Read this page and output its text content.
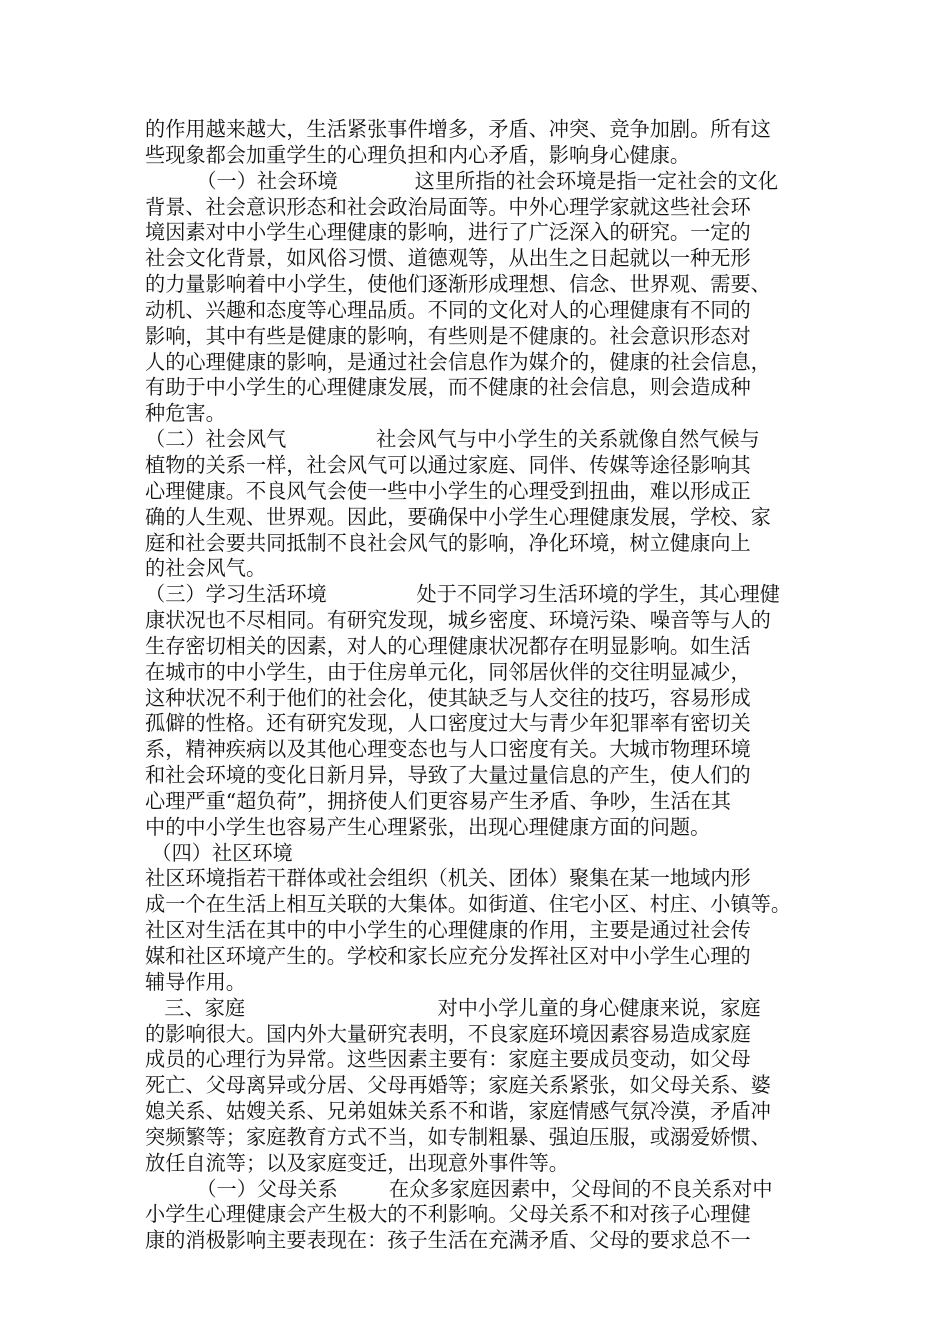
的作用越来越大，生活紧张事件增多，矛盾、冲突、竞争加剧。所有这
些现象都会加重学生的心理负担和内心矛盾，影响身心健康。
（一）社会环境            这里所指的社会环境是指一定社会的文化
背景、社会意识形态和社会政治局面等。中外心理学家就这些社会环
境因素对中小学生心理健康的影响，进行了广泛深入的研究。一定的
社会文化背景，如风俗习惯、道德观等，从出生之日起就以一种无形
的力量影响着中小学生，使他们逐渐形成理想、信念、世界观、需要、
动机、兴趣和态度等心理品质。不同的文化对人的心理健康有不同的
影响，其中有些是健康的影响，有些则是不健康的。社会意识形态对
人的心理健康的影响，是通过社会信息作为媒介的，健康的社会信息，
有助于中小学生的心理健康发展，而不健康的社会信息，则会造成种
种危害。
（二）社会风气              社会风气与中小学生的关系就像自然气候与
植物的关系一样，社会风气可以通过家庭、同伴、传媒等途径影响其
心理健康。不良风气会使一些中小学生的心理受到扭曲，难以形成正
确的人生观、世界观。因此，要确保中小学生心理健康发展，学校、家
庭和社会要共同抵制不良社会风气的影响，净化环境，树立健康向上
的社会风气。
（三）学习生活环境              处于不同学习生活环境的学生，其心理健
康状况也不尽相同。有研究发现，城乡密度、环境污染、噪音等与人的
生存密切相关的因素，对人的心理健康状况都存在明显影响。如生活
在城市的中小学生，由于住房单元化，同邻居伙伴的交往明显减少，
这种状况不利于他们的社会化，使其缺乏与人交往的技巧，容易形成
孤僻的性格。还有研究发现，人口密度过大与青少年犯罪率有密切关
系，精神疾病以及其他心理变态也与人口密度有关。大城市物理环境
和社会环境的变化日新月异，导致了大量过量信息的产生，使人们的
心理严重“超负荷”，拥挤使人们更容易产生矛盾、争吵，生活在其
中的中小学生也容易产生心理紧张，出现心理健康方面的问题。
（四）社区环境
社区环境指若干群体或社会组织（机关、团体）聚集在某一地域内形
成一个在生活上相互关联的大集体。如街道、住宅小区、村庄、小镇等。
社区对生活在其中的中小学生的心理健康的作用，主要是通过社会传
媒和社区环境产生的。学校和家长应充分发挥社区对中小学生心理的
辅导作用。
三、家庭                              对中小学儿童的身心健康来说，家庭
的影响很大。国内外大量研究表明，不良家庭环境因素容易造成家庭
成员的心理行为异常。这些因素主要有：家庭主要成员变动，如父母
死亡、父母离异或分居、父母再婚等；家庭关系紧张，如父母关系、婆
媳关系、姑嫂关系、兄弟姐妹关系不和谐，家庭情感气氛冷漠，矛盾冲
突频繁等；家庭教育方式不当，如专制粗暴、强迫压服，或溺爱娇惯、
放任自流等；以及家庭变迁，出现意外事件等。
（一）父母关系        在众多家庭因素中，父母间的不良关系对中
小学生心理健康会产生极大的不利影响。父母关系不和对孩子心理健
康的消极影响主要表现在：孩子生活在充满矛盾、父母的要求总不一
